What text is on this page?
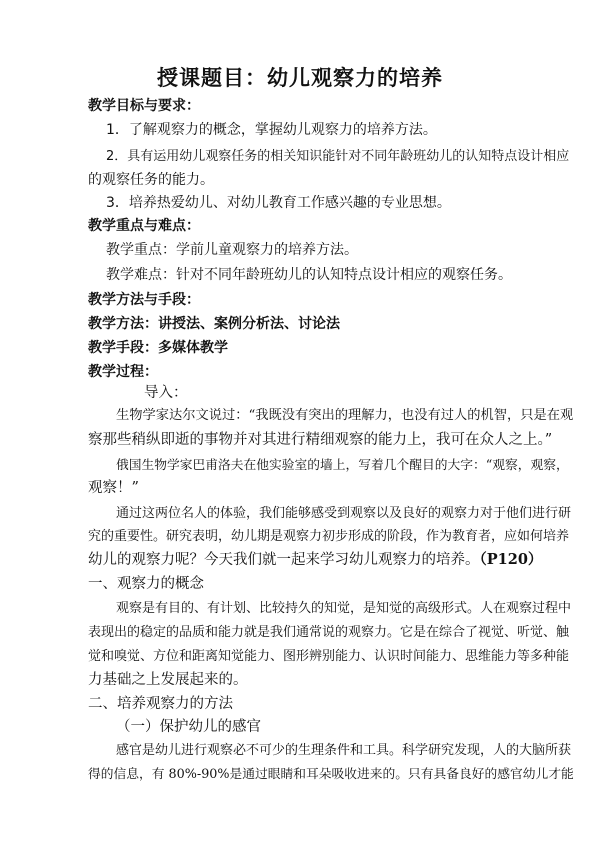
授课题目：幼儿观察力的培养

教学目标与要求：

1．了解观察力的概念，掌握幼儿观察力的培养方法。

2．具有运用幼儿观察任务的相关知识能针对不同年龄班幼儿的认知特点设计相应

的观察任务的能力。

3．培养热爱幼儿、对幼儿教育工作感兴趣的专业思想。

教学重点与难点：

教学重点：学前儿童观察力的培养方法。

教学难点：针对不同年龄班幼儿的认知特点设计相应的观察任务。

教学方法与手段：

教学方法：讲授法、案例分析法、讨论法

教学手段：多媒体教学

教学过程：

导入：

生物学家达尔文说过：“我既没有突出的理解力，也没有过人的机智，只是在观

察那些稍纵即逝的事物并对其进行精细观察的能力上，我可在众人之上。”

俄国生物学家巴甫洛夫在他实验室的墙上，写着几个醒目的大字：“观察，观察，

观察！”

通过这两位名人的体验，我们能够感受到观察以及良好的观察力对于他们进行研

究的重要性。研究表明，幼儿期是观察力初步形成的阶段，作为教育者，应如何培养

幼儿的观察力呢？今天我们就一起来学习幼儿观察力的培养。（P120）

一、观察力的概念

观察是有目的、有计划、比较持久的知觉，是知觉的高级形式。人在观察过程中

表现出的稳定的品质和能力就是我们通常说的观察力。它是在综合了视觉、听觉、触

觉和嗅觉、方位和距离知觉能力、图形辨别能力、认识时间能力、思维能力等多种能

力基础之上发展起来的。

二、培养观察力的方法

（一）保护幼儿的感官

感官是幼儿进行观察必不可少的生理条件和工具。科学研究发现，人的大脑所获

得的信息，有 80%-90%是通过眼睛和耳朵吸收进来的。只有具备良好的感官幼儿才能
